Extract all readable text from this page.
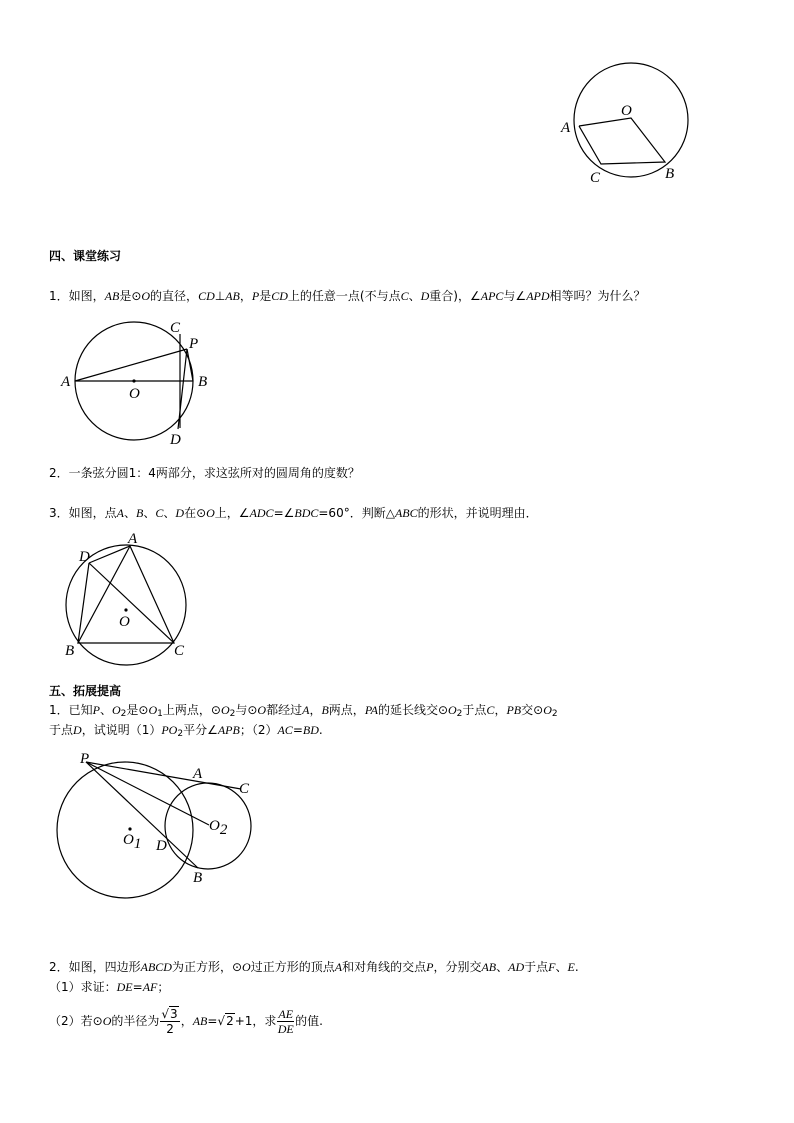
O
A
B
C
四、课堂练习
1．如图，AB是⊙O的直径，CD⊥AB，P是CD上的任意一点(不与点C、D重合)，∠APC与∠APD相等吗？为什么？
A	B
C
P
O
D
2．一条弦分圆1：4两部分，求这弦所对的圆周角的度数？
3．如图，点A、B、C、D在⊙O上，∠ADC=∠BDC=60°．判断△ABC的形状，并说明理由．
D
A
O
B	C
五、拓展提高
1．已知P、O2是⊙O1上两点，⊙O2与⊙O都经过A，B两点，PA的延长线交⊙O2于点C，PB交⊙O2
于点D，试说明（1）PO2平分∠APB；（2）AC=BD.
P
A
C
O2
O1 D
B
2．如图，四边形ABCD为正方形，⊙O过正方形的顶点A和对角线的交点P，分别交AB、AD于点F、E.
（1）求证：DE=AF；
（2）若⊙O的半径为 $\frac{√3}{2}$ ，AB=√2+1，求 $\frac{AE}{DE}$ 的值.
